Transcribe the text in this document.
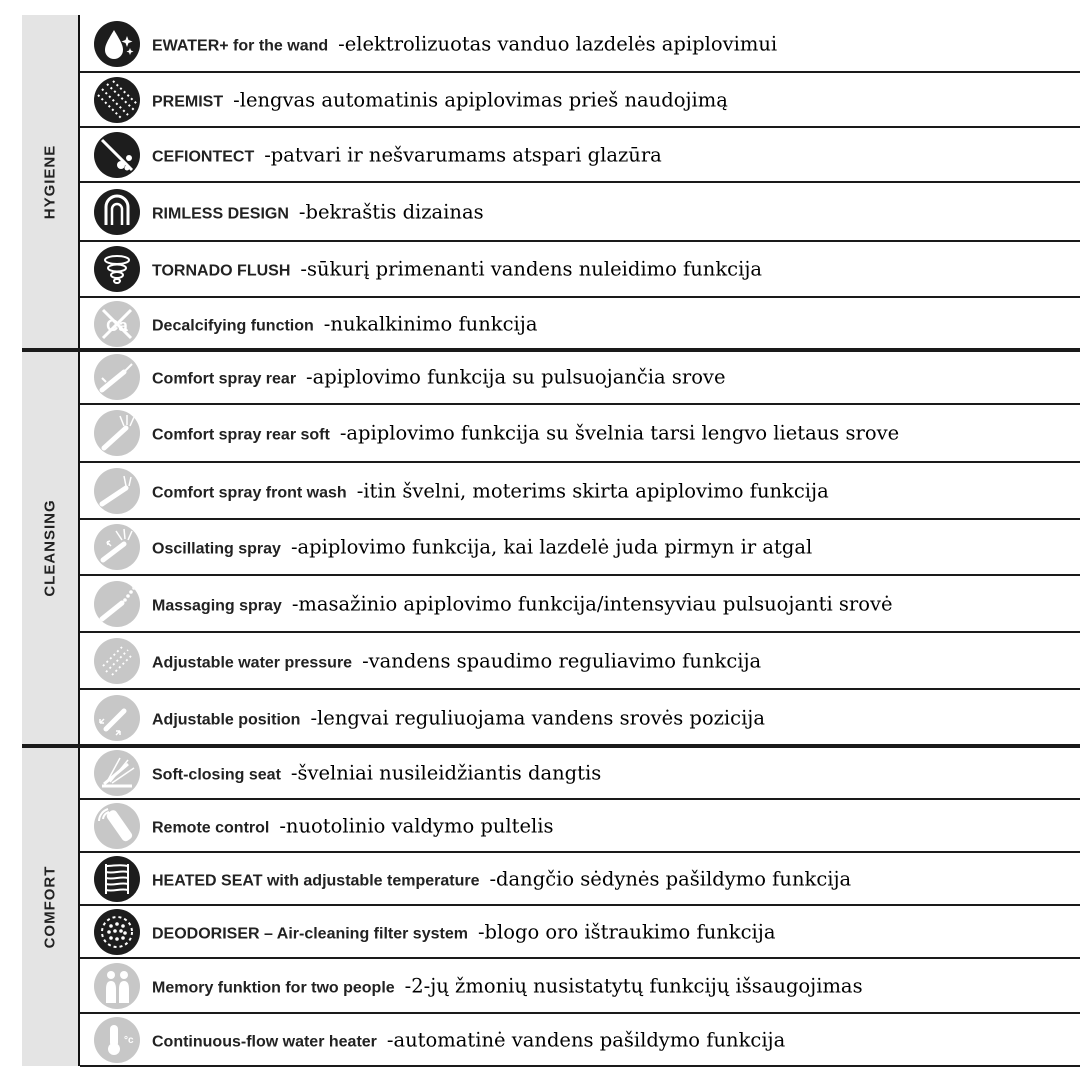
HYGIENE
CLEANSING
COMFORT
EWATER+ for the wand -elektrolizuotas vanduo lazdelės apiplovimui
PREMIST -lengvas automatinis apiplovimas prieš naudojimą
CEFIONTECT -patvari ir nešvarumams atspari glazūra
RIMLESS DESIGN -bekraštis dizainas
TORNADO FLUSH -sūkurį primenanti vandens nuleidimo funkcija
Ca Decalcifying function -nukalkinimo funkcija
Comfort spray rear -apiplovimo funkcija su pulsuojančia srove
Comfort spray rear soft -apiplovimo funkcija su švelnia tarsi lengvo lietaus srove
Comfort spray front wash -itin švelni, moterims skirta apiplovimo funkcija
Oscillating spray -apiplovimo funkcija, kai lazdelė juda pirmyn ir atgal
Massaging spray -masažinio apiplovimo funkcija/intensyviau pulsuojanti srovė
Adjustable water pressure -vandens spaudimo reguliavimo funkcija
Adjustable position -lengvai reguliuojama vandens srovės pozicija
Soft-closing seat -švelniai nusileidžiantis dangtis
Remote control -nuotolinio valdymo pultelis
HEATED SEAT with adjustable temperature -dangčio sėdynės pašildymo funkcija
DEODORISER – Air-cleaning filter system -blogo oro ištraukimo funkcija
Memory funktion for two people -2-jų žmonių nusistatytų funkcijų išsaugojimas
°c Continuous-flow water heater -automatinė vandens pašildymo funkcija
